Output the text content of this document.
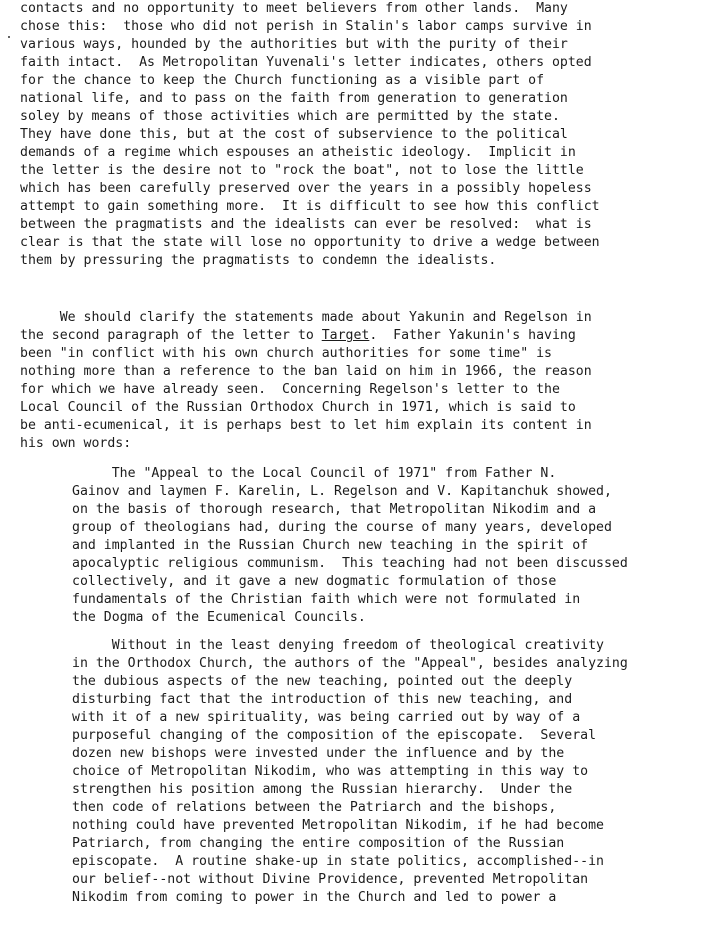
contacts and no opportunity to meet believers from other lands.  Many
chose this:  those who did not perish in Stalin's labor camps survive in
various ways, hounded by the authorities but with the purity of their
faith intact.  As Metropolitan Yuvenali's letter indicates, others opted
for the chance to keep the Church functioning as a visible part of
national life, and to pass on the faith from generation to generation
soley by means of those activities which are permitted by the state.
They have done this, but at the cost of subservience to the political
demands of a regime which espouses an atheistic ideology.  Implicit in
the letter is the desire not to "rock the boat", not to lose the little
which has been carefully preserved over the years in a possibly hopeless
attempt to gain something more.  It is difficult to see how this conflict
between the pragmatists and the idealists can ever be resolved:  what is
clear is that the state will lose no opportunity to drive a wedge between
them by pressuring the pragmatists to condemn the idealists.
We should clarify the statements made about Yakunin and Regelson in
the second paragraph of the letter to Target.  Father Yakunin's having
been "in conflict with his own church authorities for some time" is
nothing more than a reference to the ban laid on him in 1966, the reason
for which we have already seen.  Concerning Regelson's letter to the
Local Council of the Russian Orthodox Church in 1971, which is said to
be anti-ecumenical, it is perhaps best to let him explain its content in
his own words:
The "Appeal to the Local Council of 1971" from Father N.
Gainov and laymen F. Karelin, L. Regelson and V. Kapitanchuk showed,
on the basis of thorough research, that Metropolitan Nikodim and a
group of theologians had, during the course of many years, developed
and implanted in the Russian Church new teaching in the spirit of
apocalyptic religious communism.  This teaching had not been discussed
collectively, and it gave a new dogmatic formulation of those
fundamentals of the Christian faith which were not formulated in
the Dogma of the Ecumenical Councils.
Without in the least denying freedom of theological creativity
in the Orthodox Church, the authors of the "Appeal", besides analyzing
the dubious aspects of the new teaching, pointed out the deeply
disturbing fact that the introduction of this new teaching, and
with it of a new spirituality, was being carried out by way of a
purposeful changing of the composition of the episcopate.  Several
dozen new bishops were invested under the influence and by the
choice of Metropolitan Nikodim, who was attempting in this way to
strengthen his position among the Russian hierarchy.  Under the
then code of relations between the Patriarch and the bishops,
nothing could have prevented Metropolitan Nikodim, if he had become
Patriarch, from changing the entire composition of the Russian
episcopate.  A routine shake-up in state politics, accomplished--in
our belief--not without Divine Providence, prevented Metropolitan
Nikodim from coming to power in the Church and led to power a
